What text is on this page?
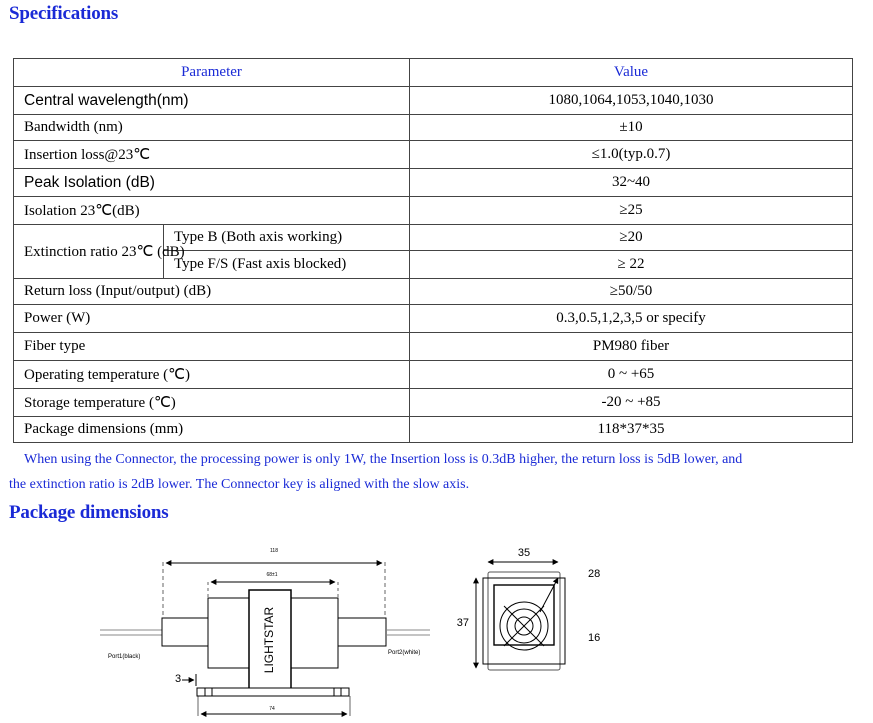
Specifications
Parameter		Value
Central wavelength(nm)		1080,1064,1053,1040,1030
Bandwidth (nm)		±10
Insertion loss@23℃		≤1.0(typ.0.7)
Peak Isolation (dB)		32~40
Isolation 23℃(dB)		≥25
Extinction ratio 23℃ (dB)	Type B (Both axis working)	≥20
	Type F/S (Fast axis blocked)	≥ 22
Return loss (Input/output) (dB)		≥50/50
Power (W)		0.3,0.5,1,2,3,5 or specify
Fiber type		PM980 fiber
Operating temperature (℃)		0 ~ +65
Storage temperature (℃)		-20 ~ +85
Package dimensions (mm)		118*37*35

When using the Connector, the processing power is only 1W, the Insertion loss is 0.3dB higher, the return loss is 5dB lower, and

the extinction ratio is 2dB lower. The Connector key is aligned with the slow axis.

Package dimensions
118
68±1
3
74
LIGHTSTAR
Port1(black)
Port2(white)
35
37
28
16
